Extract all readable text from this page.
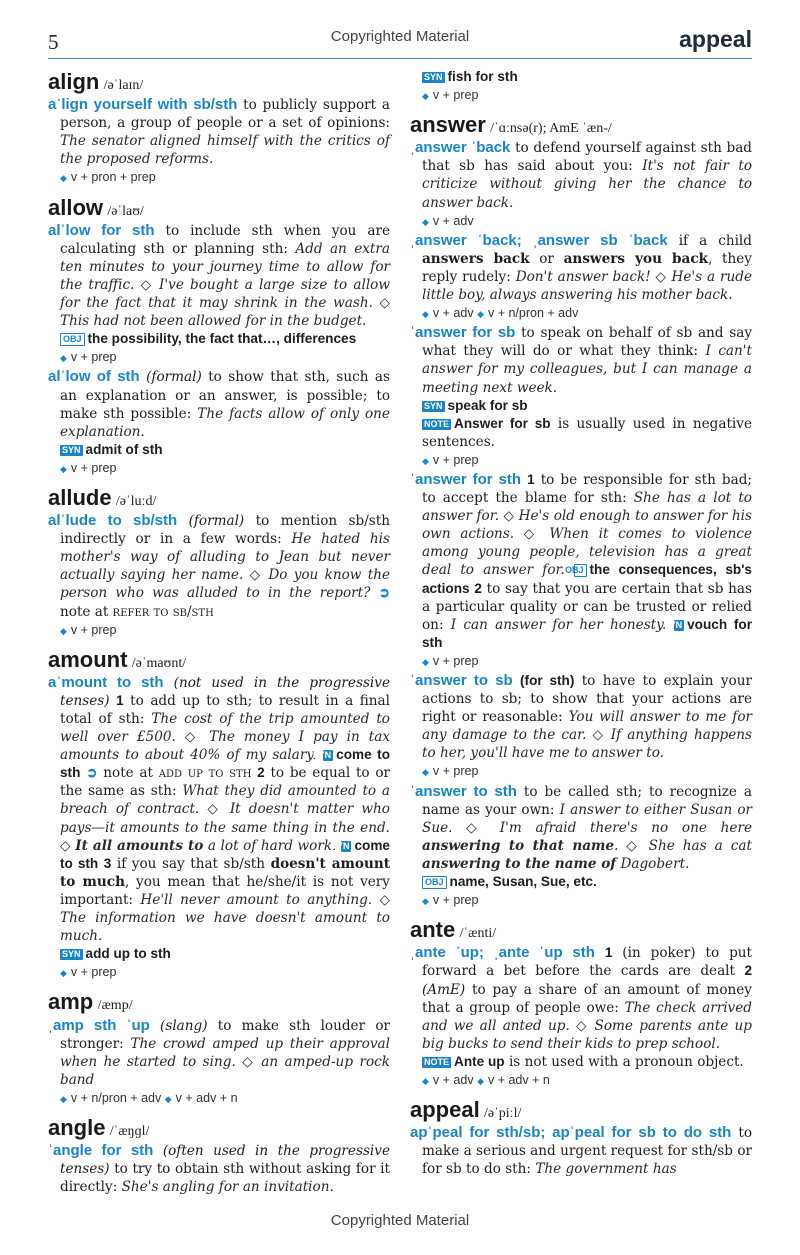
Copyrighted Material
5	appeal
align /əˈlaɪn/
aˈlign yourself with sb/sth to publicly support a person, a group of people or a set of opinions: The senator aligned himself with the critics of the proposed reforms.
◆ v + pron + prep
allow /əˈlaʊ/
alˈlow for sth to include sth when you are calculating sth or planning sth: Add an extra ten minutes to your journey time to allow for the traffic. ◇ I've bought a large size to allow for the fact that it may shrink in the wash. ◇ This had not been allowed for in the budget.
OBJ the possibility, the fact that…, differences
◆ v + prep
alˈlow of sth (formal) to show that sth, such as an explanation or an answer, is possible; to make sth possible: The facts allow of only one explanation.
SYN admit of sth
◆ v + prep
allude /əˈluːd/
alˈlude to sb/sth (formal) to mention sb/sth indirectly or in a few words: He hated his mother's way of alluding to Jean but never actually saying her name. ◇ Do you know the person who was alluded to in the report? ➲ note at refer to sb/sth
◆ v + prep
amount /əˈmaʊnt/
aˈmount to sth (not used in the progressive tenses) 1 to add up to sth; to result in a final total of sth: The cost of the trip amounted to well over £500. ◇ The money I pay in tax amounts to about 40% of my salary. SYN come to sth ➲ note at add up to sth 2 to be equal to or the same as sth: What they did amounted to a breach of contract. ◇ It doesn't matter who pays—it amounts to the same thing in the end. ◇ It all amounts to a lot of hard work. SYN come to sth 3 if you say that sb/sth doesn't amount to much, you mean that he/she/it is not very important: He'll never amount to anything. ◇ The information we have doesn't amount to much.
SYN add up to sth
◆ v + prep
amp /æmp/
ˌamp sth ˈup (slang) to make sth louder or stronger: The crowd amped up their approval when he started to sing. ◇ an amped-up rock band
◆ v + n/pron + adv ◆ v + adv + n
angle /ˈæŋɡl/
ˈangle for sth (often used in the progressive tenses) to try to obtain sth without asking for it directly: She's angling for an invitation.
SYN fish for sth
◆ v + prep
answer /ˈɑːnsə(r); AmE ˈæn-/
ˌanswer ˈback to defend yourself against sth bad that sb has said about you: It's not fair to criticize without giving her the chance to answer back.
◆ v + adv
ˌanswer ˈback; ˌanswer sb ˈback if a child answers back or answers you back, they reply rudely: Don't answer back! ◇ He's a rude little boy, always answering his mother back.
◆ v + adv ◆ v + n/pron + adv
ˈanswer for sb to speak on behalf of sb and say what they will do or what they think: I can't answer for my colleagues, but I can manage a meeting next week.
SYN speak for sb
NOTE Answer for sb is usually used in negative sentences.
◆ v + prep
ˈanswer for sth 1 to be responsible for sth bad; to accept the blame for sth: She has a lot to answer for. ◇ He's old enough to answer for his own actions. ◇ When it comes to violence among young people, television has a great deal to answer for. OBJ the consequences, sb's actions 2 to say that you are certain that sb has a particular quality or can be trusted or relied on: I can answer for her honesty. SYN vouch for sth
◆ v + prep
ˈanswer to sb (for sth) to have to explain your actions to sb; to show that your actions are right or reasonable: You will answer to me for any damage to the car. ◇ If anything happens to her, you'll have me to answer to.
◆ v + prep
ˈanswer to sth to be called sth; to recognize a name as your own: I answer to either Susan or Sue. ◇ I'm afraid there's no one here answering to that name. ◇ She has a cat answering to the name of Dagobert.
OBJ name, Susan, Sue, etc.
◆ v + prep
ante /ˈænti/
ˌante ˈup; ˌante ˈup sth 1 (in poker) to put forward a bet before the cards are dealt 2 (AmE) to pay a share of an amount of money that a group of people owe: The check arrived and we all anted up. ◇ Some parents ante up big bucks to send their kids to prep school.
NOTE Ante up is not used with a pronoun object.
◆ v + adv ◆ v + adv + n
appeal /əˈpiːl/
apˈpeal for sth/sb; apˈpeal for sb to do sth to make a serious and urgent request for sth/sb or for sb to do sth: The government has
Copyrighted Material
